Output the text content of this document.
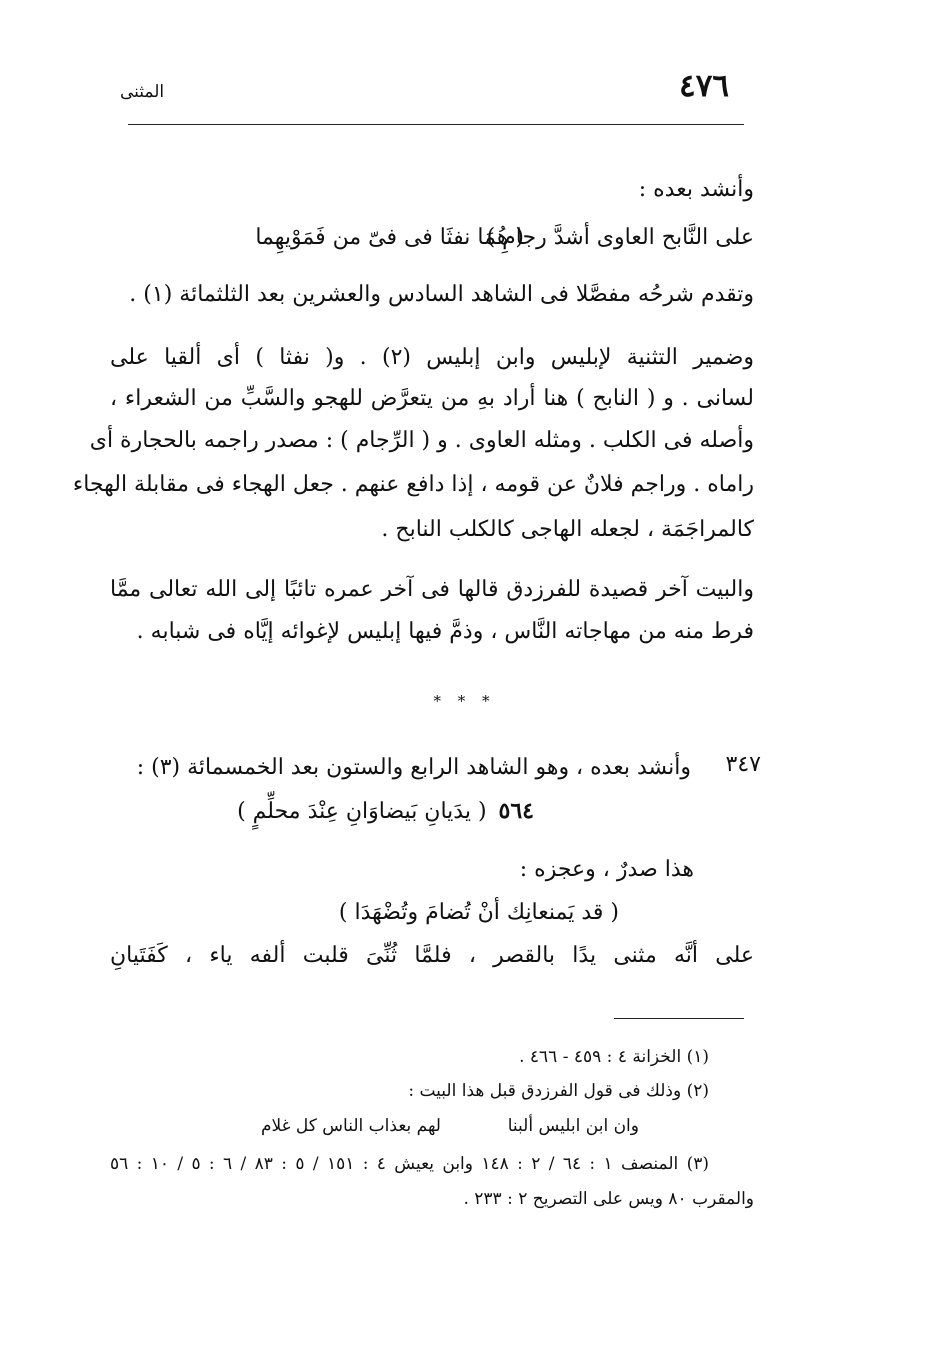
٤٧٦
المثنى
وأنشد بعده :
( هُمَا نفثَا فى فىّ من فَمَوْيهِما
على النَّابح العاوى أشدَّ رجامِ )
وتقدم شرحُه مفصَّلا فى الشاهد السادس والعشرين بعد الثلثمائة (١) .
وضمير التثنية لإبليس وابن إبليس (٢) . و( نفثا ) أى ألقيا على
لسانى . و ( النابح ) هنا أراد بهِ من يتعرَّض للهجو والسَّبِّ من الشعراء ،
وأصله فى الكلب . ومثله العاوى . و ( الرِّجام ) : مصدر راجمه بالحجارة أى
راماه . وراجم فلانٌ عن قومه ، إذا دافع عنهم . جعل الهجاء فى مقابلة الهجاء
كالمراجَمَة ، لجعله الهاجى كالكلب النابح .
والبيت آخر قصيدة للفرزدق قالها فى آخر عمره تائبًا إلى الله تعالى ممَّا
فرط منه من مهاجاته النَّاس ، وذمَّ فيها إبليس لإغوائه إيَّاه فى شبابه .
* * *
٣٤٧
وأنشد بعده ، وهو الشاهد الرابع والستون بعد الخمسمائة (٣) :
٥٦٤( يدَيانِ بَيضاوَانِ عِنْدَ محلِّمٍ )
هذا صدرٌ ، وعجزه :
( قد يَمنعانِك أنْ تُضامَ وتُضْهَدَا )
على أنَّه مثنى يدًا بالقصر ، فلمَّا ثُنِّىَ قلبت ألفه ياء ، كَفَتَيانِ
(١) الخزانة ٤ : ٤٥٩ - ٤٦٦ .
(٢) وذلك فى قول الفرزدق قبل هذا البيت :
وان ابن ابليس ألبنا
لهم بعذاب الناس كل غلام
(٣) المنصف ١ : ٦٤ / ٢ : ١٤٨ وابن يعيش ٤ : ١٥١ / ٥ : ٨٣ / ٦ : ٥ / ١٠ : ٥٦
والمقرب ٨٠ ويس على التصريح ٢ : ٢٣٣ .
